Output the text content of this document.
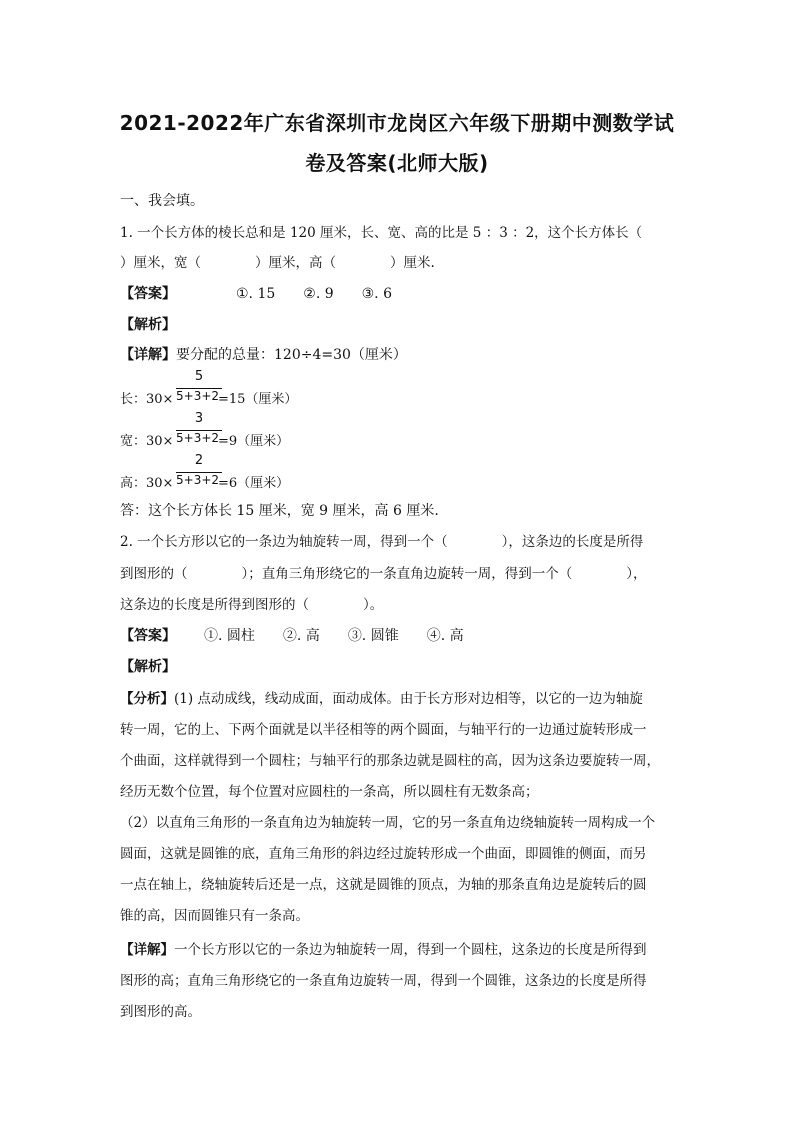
2021-2022年广东省深圳市龙岗区六年级下册期中测数学试
卷及答案(北师大版)
一、我会填。
1. 一个长方体的棱长总和是 120 厘米，长、宽、高的比是 5 ：3 ：2，这个长方体长（
）厘米，宽（　　　　）厘米，高（　　　　）厘米.
【答案】	①. 15 ②. 9 ③. 6
【解析】
【详解】要分配的总量：120÷4=30（厘米）
长：30×
5
5+3+2
=15（厘米）
宽：30×
3
5+3+2
=9（厘米）
高：30×
2
5+3+2
=6（厘米）
答：这个长方体长 15 厘米，宽 9 厘米，高 6 厘米.
2. 一个长方形以它的一条边为轴旋转一周，得到一个（　　　　），这条边的长度是所得
到图形的（　　　　）；直角三角形绕它的一条直角边旋转一周，得到一个（　　　　），
这条边的长度是所得到图形的（　　　　）。
【答案】 ①. 圆柱 ②. 高 ③. 圆锥 ④. 高
【解析】
【分析】(1) 点动成线，线动成面，面动成体。由于长方形对边相等，以它的一边为轴旋
转一周，它的上、下两个面就是以半径相等的两个圆面，与轴平行的一边通过旋转形成一
个曲面，这样就得到一个圆柱；与轴平行的那条边就是圆柱的高，因为这条边要旋转一周，
经历无数个位置，每个位置对应圆柱的一条高，所以圆柱有无数条高；
（2）以直角三角形的一条直角边为轴旋转一周，它的另一条直角边绕轴旋转一周构成一个
圆面，这就是圆锥的底，直角三角形的斜边经过旋转形成一个曲面，即圆锥的侧面，而另
一点在轴上，绕轴旋转后还是一点，这就是圆锥的顶点，为轴的那条直角边是旋转后的圆
锥的高，因而圆锥只有一条高。
【详解】一个长方形以它的一条边为轴旋转一周，得到一个圆柱，这条边的长度是所得到
图形的高；直角三角形绕它的一条直角边旋转一周，得到一个圆锥，这条边的长度是所得
到图形的高。
